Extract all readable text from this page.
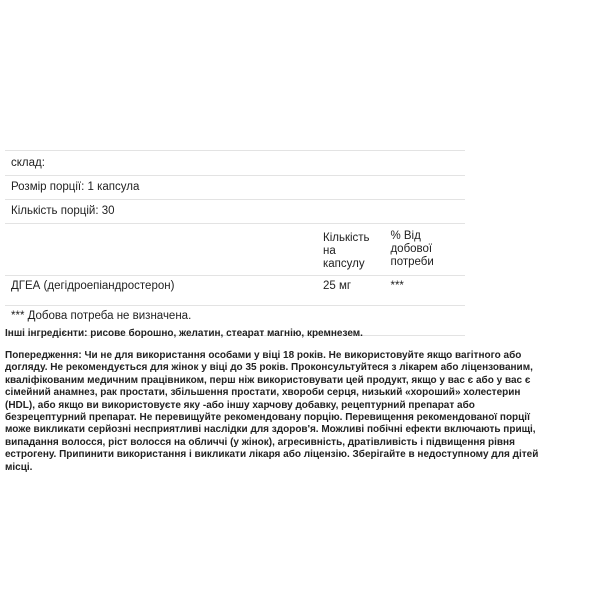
склад:		
Розмір порції: 1 капсула		
Кількість порцій: 30		
	Кількість на капсулу	% Від добової потреби
ДГЕА (дегідроепіандростерон)	25 мг	***
*** Добова потреба не визначена.		

Інші інгредієнти: рисове борошно, желатин, стеарат магнію, кремнезем.

Попередження: Чи не для використання особами у віці 18 років. Не використовуйте якщо вагітного або догляду. Не рекомендується для жінок у віці до 35 років. Проконсультуйтеся з лікарем або ліцензованим, кваліфікованим медичним працівником, перш ніж використовувати цей продукт, якщо у вас є або у вас є сімейний анамнез, рак простати, збільшення простати, хвороби серця, низький «хороший» холестерин (HDL), або якщо ви використовуєте яку -або іншу харчову добавку, рецептурний препарат або безрецептурний препарат. Не перевищуйте рекомендовану порцію. Перевищення рекомендованої порції може викликати серйозні несприятливі наслідки для здоров'я. Можливі побічні ефекти включають прищі, випадання волосся, ріст волосся на обличчі (у жінок), агресивність, дратівливість і підвищення рівня естрогену. Припинити використання і викликати лікаря або ліцензію. Зберігайте в недоступному для дітей місці.
